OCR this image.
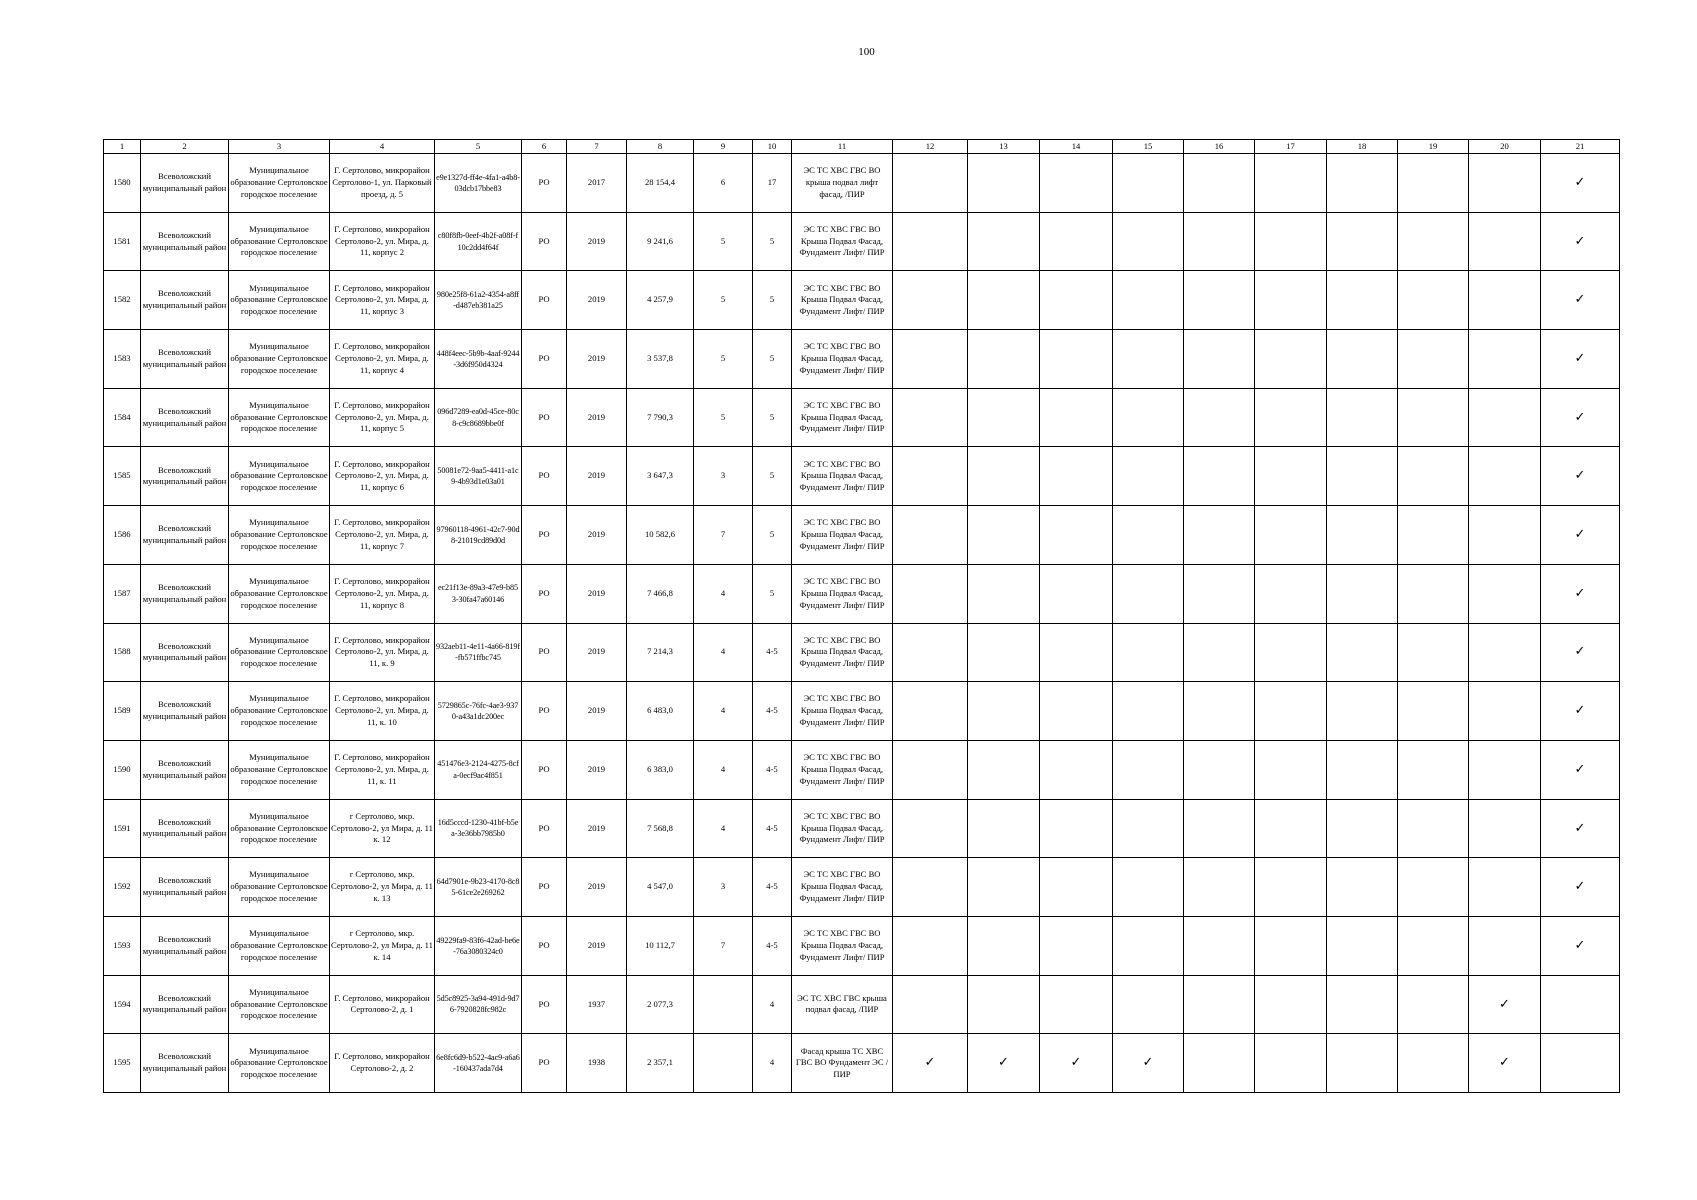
100
1	2	3	4	5	6	7	8	9	10	11	12	13	14	15	16	17	18	19	20	21
1580	Всеволожский муниципальный район	Муниципальное образование Сертоловское городское поселение	Г. Сертолово, микрорайон Сертолово-1, ул. Парковый проезд, д. 5	e9e1327d-ff4e-4fa1-a4b8-03dcb17bbe83	РО	2017	28 154,4	6	17	ЭС ТС ХВС ГВС ВО крыша подвал лифт фасад, /ПИР										✓
1581	Всеволожский муниципальный район	Муниципальное образование Сертоловское городское поселение	Г. Сертолово, микрорайон Сертолово-2, ул. Мира, д. 11, корпус 2	c80f8fb-0eef-4b2f-a08f-f10c2dd4f64f	РО	2019	9 241,6	5	5	ЭС ТС ХВС ГВС ВО Крыша Подвал Фасад, Фундамент Лифт/ ПИР										✓
1582	Всеволожский муниципальный район	Муниципальное образование Сертоловское городское поселение	Г. Сертолово, микрорайон Сертолово-2, ул. Мира, д. 11, корпус 3	980e25f8-61a2-4354-a8ff-d487eb381a25	РО	2019	4 257,9	5	5	ЭС ТС ХВС ГВС ВО Крыша Подвал Фасад, Фундамент Лифт/ ПИР										✓
1583	Всеволожский муниципальный район	Муниципальное образование Сертоловское городское поселение	Г. Сертолово, микрорайон Сертолово-2, ул. Мира, д. 11, корпус 4	448f4eec-5b9b-4aaf-9244-3d6f950d4324	РО	2019	3 537,8	5	5	ЭС ТС ХВС ГВС ВО Крыша Подвал Фасад, Фундамент Лифт/ ПИР										✓
1584	Всеволожский муниципальный район	Муниципальное образование Сертоловское городское поселение	Г. Сертолово, микрорайон Сертолово-2, ул. Мира, д. 11, корпус 5	096d7289-ea0d-45ce-80c8-c9c8689bbe0f	РО	2019	7 790,3	5	5	ЭС ТС ХВС ГВС ВО Крыша Подвал Фасад, Фундамент Лифт/ ПИР										✓
1585	Всеволожский муниципальный район	Муниципальное образование Сертоловское городское поселение	Г. Сертолово, микрорайон Сертолово-2, ул. Мира, д. 11, корпус 6	50081e72-9aa5-4411-a1c9-4b93d1e03a01	РО	2019	3 647,3	3	5	ЭС ТС ХВС ГВС ВО Крыша Подвал Фасад, Фундамент Лифт/ ПИР										✓
1586	Всеволожский муниципальный район	Муниципальное образование Сертоловское городское поселение	Г. Сертолово, микрорайон Сертолово-2, ул. Мира, д. 11, корпус 7	97960118-4961-42c7-90d8-21019cd89d0d	РО	2019	10 582,6	7	5	ЭС ТС ХВС ГВС ВО Крыша Подвал Фасад, Фундамент Лифт/ ПИР										✓
1587	Всеволожский муниципальный район	Муниципальное образование Сертоловское городское поселение	Г. Сертолово, микрорайон Сертолово-2, ул. Мира, д. 11, корпус 8	ec21f13e-89a3-47e9-b853-30fa47a60146	РО	2019	7 466,8	4	5	ЭС ТС ХВС ГВС ВО Крыша Подвал Фасад, Фундамент Лифт/ ПИР										✓
1588	Всеволожский муниципальный район	Муниципальное образование Сертоловское городское поселение	Г. Сертолово, микрорайон Сертолово-2, ул. Мира, д. 11, к. 9	932aeb11-4e11-4a66-819f-fb571ffbc745	РО	2019	7 214,3	4	4-5	ЭС ТС ХВС ГВС ВО Крыша Подвал Фасад, Фундамент Лифт/ ПИР										✓
1589	Всеволожский муниципальный район	Муниципальное образование Сертоловское городское поселение	Г. Сертолово, микрорайон Сертолово-2, ул. Мира, д. 11, к. 10	5729865c-76fc-4ae3-9370-a43a1dc200ec	РО	2019	6 483,0	4	4-5	ЭС ТС ХВС ГВС ВО Крыша Подвал Фасад, Фундамент Лифт/ ПИР										✓
1590	Всеволожский муниципальный район	Муниципальное образование Сертоловское городское поселение	Г. Сертолово, микрорайон Сертолово-2, ул. Мира, д. 11, к. 11	451476e3-2124-4275-8cfa-0ecf9ac4f851	РО	2019	6 383,0	4	4-5	ЭС ТС ХВС ГВС ВО Крыша Подвал Фасад, Фундамент Лифт/ ПИР										✓
1591	Всеволожский муниципальный район	Муниципальное образование Сертоловское городское поселение	г Сертолово, мкр. Сертолово-2, ул Мира, д. 11 к. 12	16d5cccd-1230-41bf-b5ea-3e36bb7985b0	РО	2019	7 568,8	4	4-5	ЭС ТС ХВС ГВС ВО Крыша Подвал Фасад, Фундамент Лифт/ ПИР										✓
1592	Всеволожский муниципальный район	Муниципальное образование Сертоловское городское поселение	г Сертолово, мкр. Сертолово-2, ул Мира, д. 11 к. 13	64d7901e-9b23-4170-8c85-61ce2e269262	РО	2019	4 547,0	3	4-5	ЭС ТС ХВС ГВС ВО Крыша Подвал Фасад, Фундамент Лифт/ ПИР										✓
1593	Всеволожский муниципальный район	Муниципальное образование Сертоловское городское поселение	г Сертолово, мкр. Сертолово-2, ул Мира, д. 11 к. 14	49229fa9-83f6-42ad-be6e-76a3080324c0	РО	2019	10 112,7	7	4-5	ЭС ТС ХВС ГВС ВО Крыша Подвал Фасад, Фундамент Лифт/ ПИР										✓
1594	Всеволожский муниципальный район	Муниципальное образование Сертоловское городское поселение	Г. Сертолово, микрорайон Сертолово-2, д. 1	5d5c8925-3a94-491d-9d76-7920828fc982c	РО	1937	2 077,3		4	ЭС ТС ХВС ГВС крыша подвал фасад, /ПИР									✓	
1595	Всеволожский муниципальный район	Муниципальное образование Сертоловское городское поселение	Г. Сертолово, микрорайон Сертолово-2, д. 2	6e8fc6d9-b522-4ac9-a6a6-160437ada7d4	РО	1938	2 357,1		4	Фасад крыша ТС ХВС ГВС ВО Фундамент ЭС /ПИР	✓	✓	✓	✓					✓	
